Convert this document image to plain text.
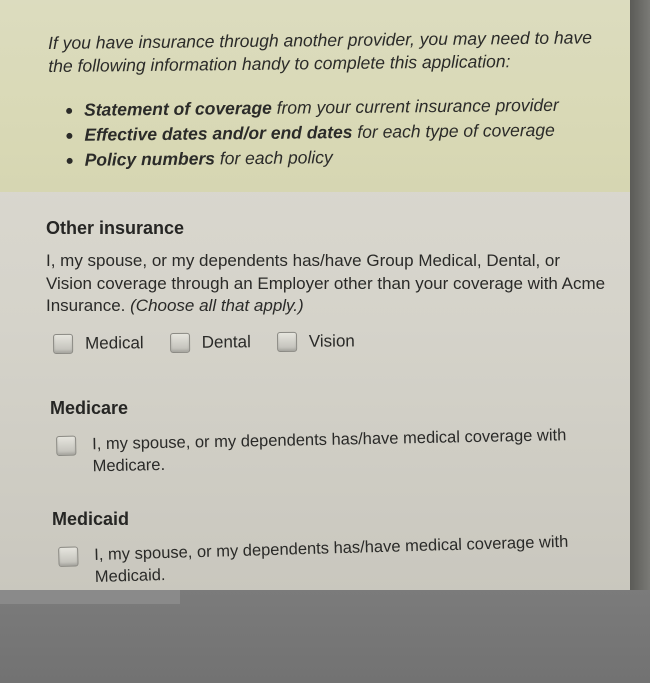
If you have insurance through another provider, you may need to have the following information handy to complete this application:
Statement of coverage from your current insurance provider
Effective dates and/or end dates for each type of coverage
Policy numbers for each policy
Other insurance
I, my spouse, or my dependents has/have Group Medical, Dental, or Vision coverage through an Employer other than your coverage with Acme Insurance. (Choose all that apply.)
Medical	Dental	Vision
Medicare
I, my spouse, or my dependents has/have medical coverage with Medicare.
Medicaid
I, my spouse, or my dependents has/have medical coverage with Medicaid.
